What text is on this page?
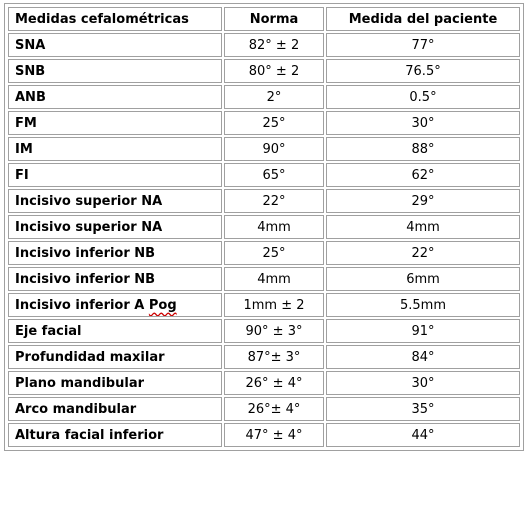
Medidas cefalométricas	Norma	Medida del paciente
SNA	82° ± 2	77°
SNB	80° ± 2	76.5°
ANB	2°	0.5°
FM	25°	30°
IM	90°	88°
FI	65°	62°
Incisivo superior NA	22°	29°
Incisivo superior NA	4mm	4mm
Incisivo inferior NB	25°	22°
Incisivo inferior NB	4mm	6mm
Incisivo inferior A Pog	1mm ± 2	5.5mm
Eje facial	90° ± 3°	91°
Profundidad maxilar	87°± 3°	84°
Plano mandibular	26° ± 4°	30°
Arco mandibular	26°± 4°	35°
Altura facial inferior	47° ± 4°	44°
